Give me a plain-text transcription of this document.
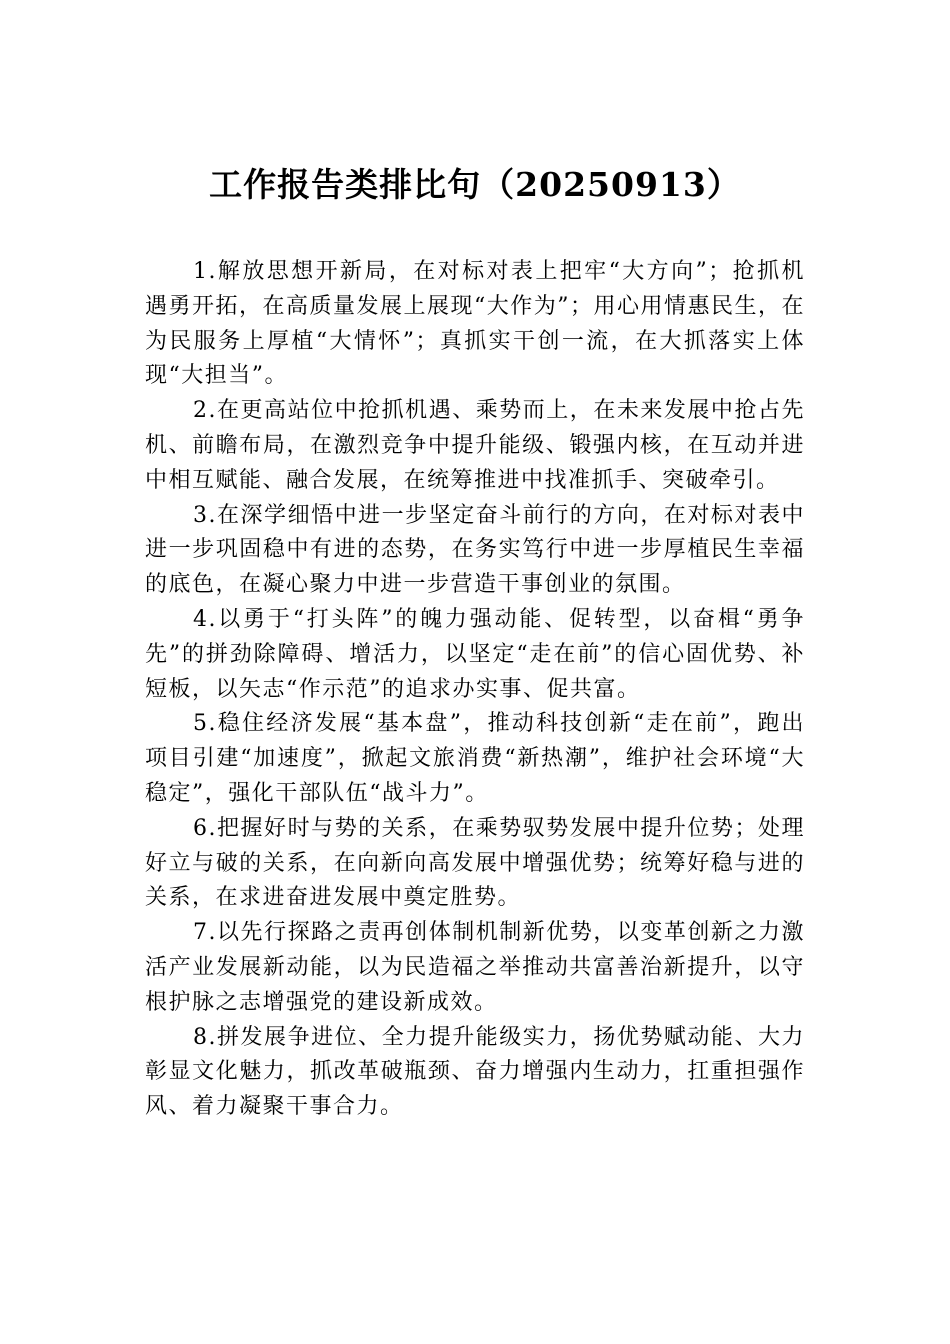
工作报告类排比句（20250913）

1.解放思想开新局，在对标对表上把牢“大方向”；抢抓机遇勇开拓，在高质量发展上展现“大作为”；用心用情惠民生，在为民服务上厚植“大情怀”；真抓实干创一流，在大抓落实上体现“大担当”。

2.在更高站位中抢抓机遇、乘势而上，在未来发展中抢占先机、前瞻布局，在激烈竞争中提升能级、锻强内核，在互动并进中相互赋能、融合发展，在统筹推进中找准抓手、突破牵引。

3.在深学细悟中进一步坚定奋斗前行的方向，在对标对表中进一步巩固稳中有进的态势，在务实笃行中进一步厚植民生幸福的底色，在凝心聚力中进一步营造干事创业的氛围。

4.以勇于“打头阵”的魄力强动能、促转型，以奋楫“勇争先”的拼劲除障碍、增活力，以坚定“走在前”的信心固优势、补短板，以矢志“作示范”的追求办实事、促共富。

5.稳住经济发展“基本盘”，推动科技创新“走在前”，跑出项目引建“加速度”，掀起文旅消费“新热潮”，维护社会环境“大稳定”，强化干部队伍“战斗力”。

6.把握好时与势的关系，在乘势驭势发展中提升位势；处理好立与破的关系，在向新向高发展中增强优势；统筹好稳与进的关系，在求进奋进发展中奠定胜势。

7.以先行探路之责再创体制机制新优势，以变革创新之力激活产业发展新动能，以为民造福之举推动共富善治新提升，以守根护脉之志增强党的建设新成效。

8.拼发展争进位、全力提升能级实力，扬优势赋动能、大力彰显文化魅力，抓改革破瓶颈、奋力增强内生动力，扛重担强作风、着力凝聚干事合力。
